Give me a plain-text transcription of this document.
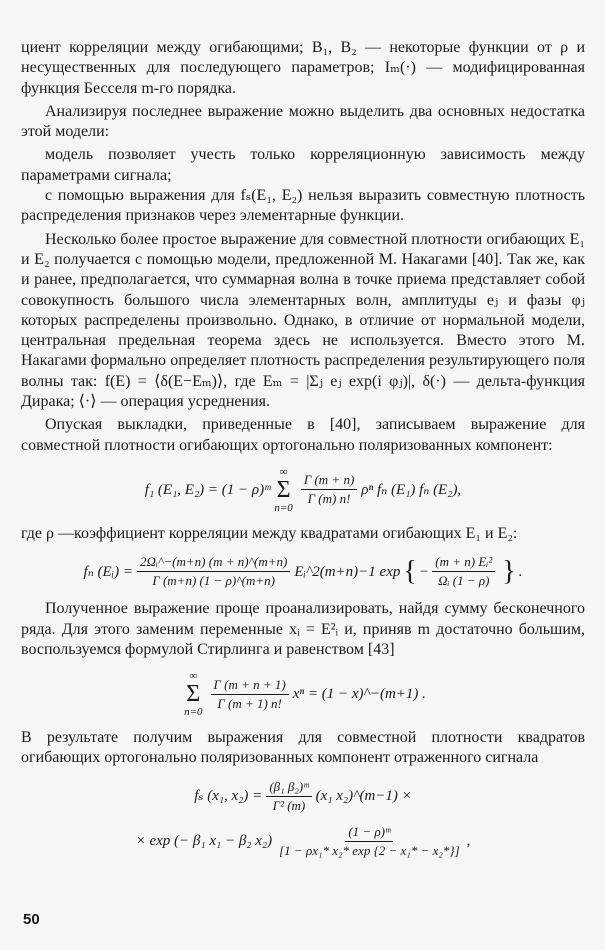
циент корреляции между огибающими; B₁, B₂ — некоторые функции от ρ и несущественных для последующего параметров; Iₘ(·) — модифицированная функция Бесселя m-го порядка.

Анализируя последнее выражение можно выделить два основных недостатка этой модели:

модель позволяет учесть только корреляционную зависимость между параметрами сигнала;

с помощью выражения для fₛ(E₁, E₂) нельзя выразить совместную плотность распределения признаков через элементарные функции.

Несколько более простое выражение для совместной плотности огибающих E₁ и E₂ получается с помощью модели, предложенной М. Накагами [40]. Так же, как и ранее, предполагается, что суммарная волна в точке приема представляет собой совокупность большого числа элементарных волн, амплитуды eⱼ и фазы φⱼ которых распределены произвольно. Однако, в отличие от нормальной модели, центральная предельная теорема здесь не используется. Вместо этого М. Накагами формально определяет плотность распределения результирующего поля волны так: f(E) = ⟨δ(E−Eₘ)⟩, где Eₘ = |Σⱼ eⱼ exp(i φⱼ)|, δ(·) — дельта-функция Дирака; ⟨·⟩ — операция усреднения.

Опуская выкладки, приведенные в [40], записываем выражение для совместной плотности огибающих ортогонально поляризованных компонент:

f₁ (E₁, E₂) = (1 − ρ)ᵐ
∞
Σ
n=0
$\frac{\Gamma (m + n)}{\Gamma (m) n!}$ ρⁿ fₙ (E₁) fₙ (E₂),

где ρ —коэффициент корреляции между квадратами огибающих E₁ и E₂:

fₙ (Eᵢ) = $\frac{\text{2Ωᵢ\textasciicircum{}−(m+n) (m + n)\textasciicircum{}(m+n)}}{\Gamma (m+n) (1 - \rho)\^{}(m+n)}$ Eᵢ^2(m+n)−1 exp { − $\frac{\text{(m + n) Eᵢ²}}{\text{Ωᵢ (1 − ρ)}}$ } .

Полученное выражение проще проанализировать, найдя сумму бесконечного ряда. Для этого заменим переменные xᵢ = E²ᵢ и, приняв m достаточно большим, воспользуемся формулой Стирлинга и равенством [43]

∞
Σ
n=0
$\frac{\Gamma (m + n + 1)}{\Gamma (m + 1) n!}$ xⁿ = (1 − x)^−(m+1) .

В результате получим выражения для совместной плотности квадратов огибающих ортогонально поляризованных компонент отраженного сигнала

fₛ (x₁, $x_2) = \frac{\text{(β₁ β₂)ᵐ}}{\text{Γ² (m)}} (x_1$ x₂)^(m−1) ×
× exp (− β₁ x₁ − β₂ $x_2) \frac{\text{(1 − ρ)ᵐ}}{\text{[1 − ρx₁* x₂* exp \{2 − x₁* − x₂*\}]}}$ ,
50
